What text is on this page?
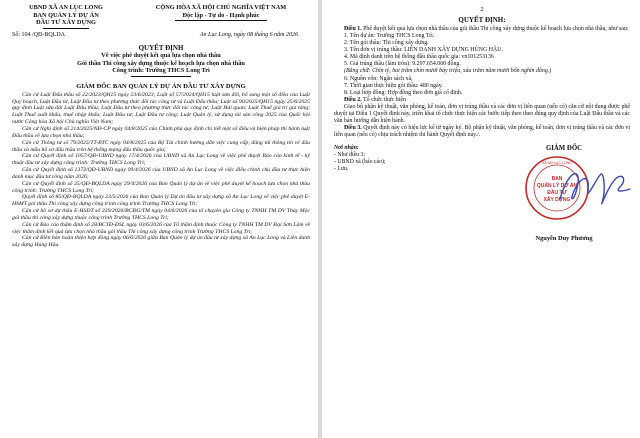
UBND XÃ AN LỤC LONG
BAN QUẢN LÝ DỰ ÁN
ĐẦU TƯ XÂY DỰNG
CỘNG HÒA XÃ HỘI CHỦ NGHĨA VIỆT NAM
Độc lập - Tự do - Hạnh phúc
Số: 104 /QĐ-BQLDA	An Lục Long, ngày 08 tháng 6 năm 2026
QUYẾT ĐỊNH
Về việc phê duyệt kết quả lựa chọn nhà thầu
Gói thầu Thi công xây dựng thuộc kế hoạch lựa chọn nhà thầu
Công trình: Trường THCS Long Trì
GIÁM ĐỐC BAN QUẢN LÝ DỰ ÁN ĐẦU TƯ XÂY DỰNG

Căn cứ Luật Đấu thầu số 22/2023/QH15 ngày 23/6/2023; Luật số 57/2024/QH15 luật sửa đổi, bổ sung một số điều của Luật Quy hoạch, Luật Đầu tư, Luật Đầu tư theo phương thức đối tác công tư và Luật Đấu thầu; Luật số 90/2025/QH15 ngày 25/6/2025 quy định Luật sửa đổi Luật Đấu thầu; Luật Đầu tư theo phương thức đối tác công tư; Luật Hải quan; Luật Thuế giá trị gia tăng; Luật Thuế xuất khẩu, thuế nhập khẩu; Luật Đầu tư; Luật Đầu tư công; Luật Quản lý, sử dụng tài sản công 2025 của Quốc hội nước Cộng hòa Xã hội Chủ nghĩa Việt Nam;

Căn cứ Nghị định số 214/2025/NĐ-CP ngày 04/8/2025 của Chính phủ quy định chi tiết một số điều và biện pháp thi hành luật Đấu thầu về lựa chọn nhà thầu;

Căn cứ Thông tư số 79/2025/TT-BTC ngày 04/8/2025 của Bộ Tài chính hướng dẫn việc cung cấp, đăng tải thông tin về đấu thầu và mẫu hồ sơ đấu thầu trên hệ thống mạng đấu thầu quốc gia;

Căn cứ Quyết định số 1057/QĐ-UBND ngày 17/4/2026 của UBND xã An Lục Long về việc phê duyệt Báo cáo kinh tế - kỹ thuật đầu tư xây dựng công trình: Trường THCS Long Trì;

Căn cứ Quyết định số 1373/QĐ-UBND ngày 09/4/2026 của UBND xã An Lục Long về việc điều chỉnh chủ đầu tư thực hiện danh mục đầu tư công năm 2026;

Căn cứ Quyết định số 25/QĐ-BQLDA ngày 29/4/2026 của Ban Quản lý dự án về việc phê duyệt kế hoạch lựa chọn nhà thầu công trình: Trường THCS Long Trì;

Quyết định số 85/QĐ-BQLDA ngày 23/5/2026 của Ban Quản lý Dự án đầu tư xây dựng xã An Lục Long về việc phê duyệt E-HSMT gói thầu Thi công xây dựng công trình công trình Trường THCS Long Trì;

Căn cứ hồ sơ dự thầu E-HSDT số 239/2026/BCĐG/TM ngày 04/6/2026 của tổ chuyên gia Công ty TNHH TM DV Thủy Mộc gói thầu thi công xây dựng thuộc công trình Trường THCS Long Trì;

Căn cứ Báo cáo thẩm định số 28/BCTĐ-ĐSL ngày 03/6/2026 của Tổ thẩm định thuộc Công ty TNHH TM DV Đại Sơn Lâm về việc thẩm định kết quả lựa chọn nhà thầu gói thầu Thi công xây dựng công trình Trường THCS Long Trì;

Căn cứ Biên bản hoàn thiện hợp đồng ngày 06/6/2026 giữa Ban Quản lý dự án đầu tư xây dựng xã An Lục Long và Liên danh xây dựng Hùng Hậu.

2
QUYẾT ĐỊNH:

Điều 1. Phê duyệt kết quả lựa chọn nhà thầu của gói thầu Thi công xây dựng thuộc kế hoạch lựa chọn nhà thầu, như sau:

1. Tên dự án: Trường THCS Long Trì.

2. Tên gói thầu: Thi công xây dựng.

3. Tên đơn vị trúng thầu: LIÊN DANH XÂY DỰNG HÙNG HẬU.

4. Mã định danh trên hệ thống đấu thầu quốc gia: vn101253136

5. Giá trúng thầu (làm tròn): 9.297.654.000 đồng.

(Bằng chữ: Chín tỷ, hai trăm chín mươi bảy triệu, sáu trăm năm mươi bốn nghìn đồng.)

6. Nguồn vốn: Ngân sách xã,

7. Thời gian thực hiện gói thầu: 480 ngày.

8. Loại hợp đồng: Hợp đồng theo đơn giá cố định.

Điều 2. Tổ chức thực hiện

Giao bộ phận kỹ thuật, văn phòng, kế toán, đơn vị trúng thầu và các đơn vị liên quan (nếu có) căn cứ nội dung được phê duyệt tại Điều 1 Quyết định này, triển khai tổ chức thực hiện các bước tiếp theo theo đúng quy định của Luật Đấu thầu và các văn bản hướng dẫn hiện hành.

Điều 3. Quyết định này có hiệu lực kể từ ngày ký. Bộ phận kỹ thuật, văn phòng, kế toán, đơn vị trúng thầu và các đơn vị liên quan (nếu có) chịu trách nhiệm thi hành Quyết định này./.

Nơi nhận:
- Như điều 3;
- UBND xã (báo cáo);
- Lưu.
GIÁM ĐỐC
BAN
QUẢN LÝ DỰ ÁN
ĐẦU TƯ
XÂY DỰNG
XÃ AN LỤC LONG
Nguyễn Duy Phương
